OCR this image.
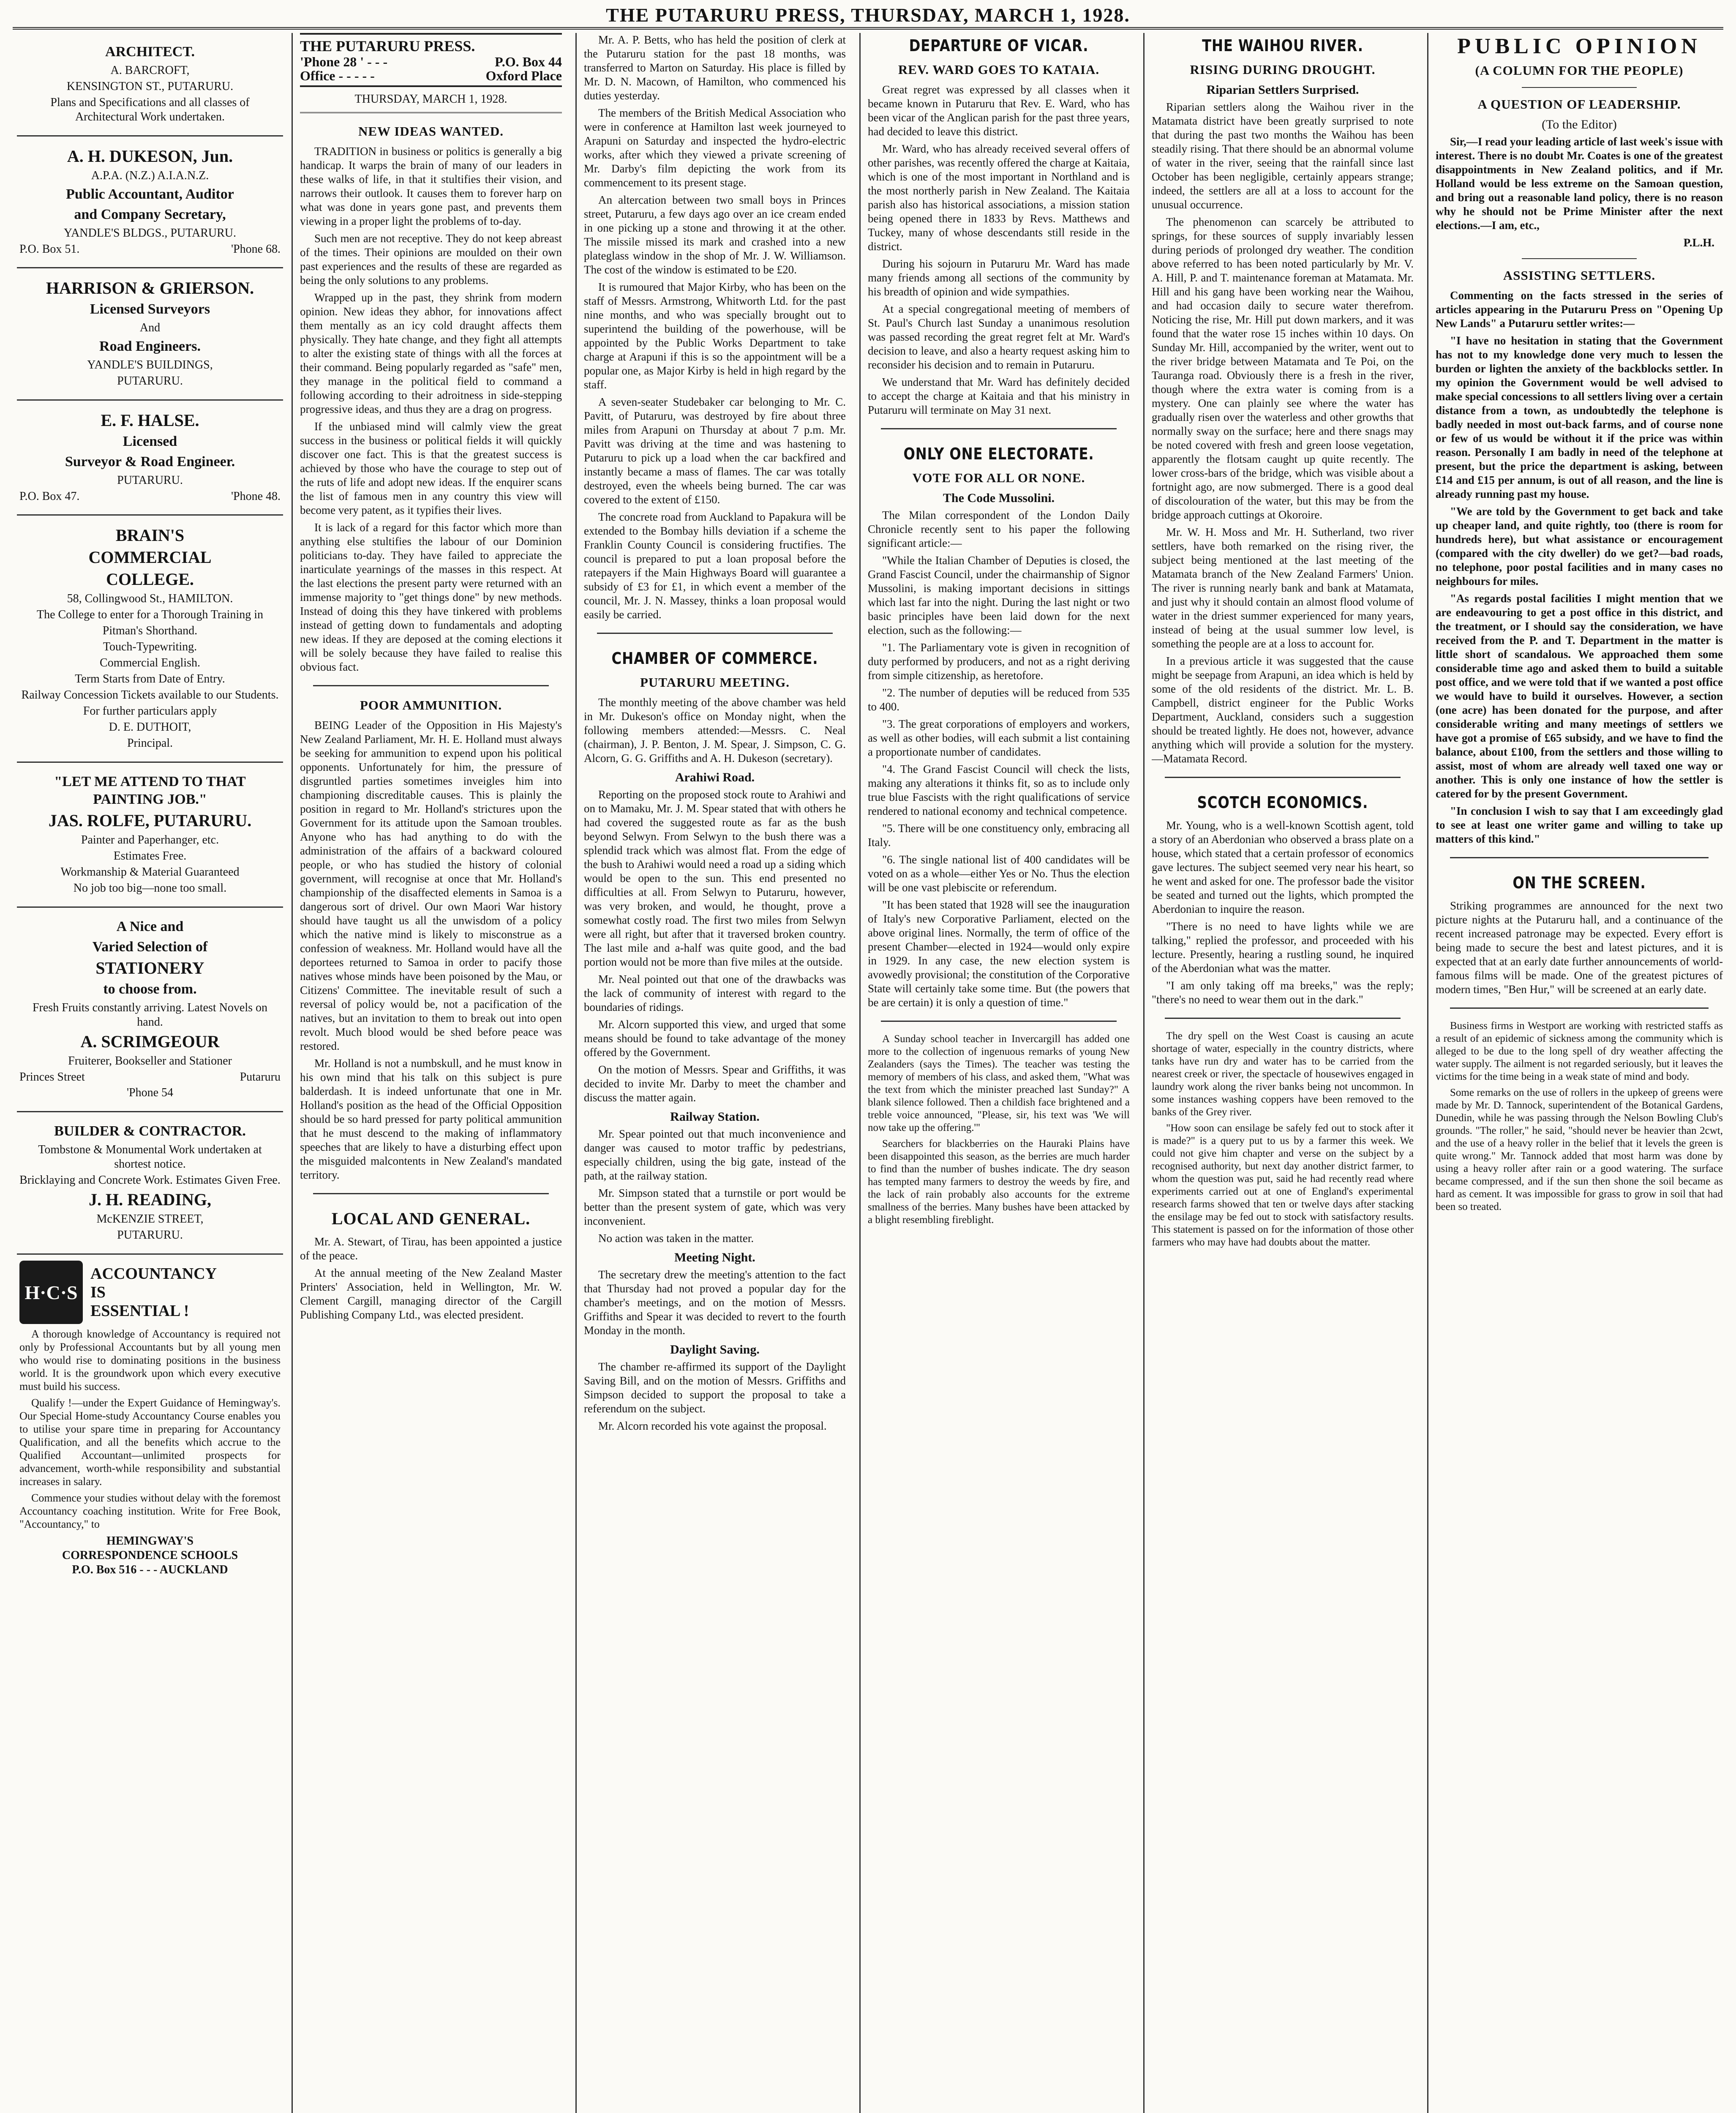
THE PUTARURU PRESS, THURSDAY, MARCH 1, 1928.
ARCHITECT.
A. BARCROFT,
KENSINGTON ST., PUTARURU.
Plans and Specifications and all classes of Architectural Work undertaken.
A. H. DUKESON, Jun.
A.P.A. (N.Z.) A.I.A.N.Z.
Public Accountant, Auditor
and Company Secretary,
YANDLE'S BLDGS., PUTARURU.
P.O. Box 51.	'Phone 68.
HARRISON & GRIERSON.
Licensed Surveyors
And
Road Engineers.
YANDLE'S BUILDINGS,
PUTARURU.
E. F. HALSE.
Licensed
Surveyor & Road Engineer.
PUTARURU.
P.O. Box 47.	'Phone 48.
BRAIN'S
COMMERCIAL
COLLEGE.
58, Collingwood St., HAMILTON.
The College to enter for a Thorough Training in
Pitman's Shorthand.
Touch-Typewriting.
Commercial English.
Term Starts from Date of Entry.
Railway Concession Tickets available to our Students.
For further particulars apply
D. E. DUTHOIT,
Principal.
"LET ME ATTEND TO THAT PAINTING JOB."
JAS. ROLFE, PUTARURU.
Painter and Paperhanger, etc.
Estimates Free.
Workmanship & Material Guaranteed
No job too big—none too small.
A Nice and
Varied Selection of
STATIONERY
to choose from.
Fresh Fruits constantly arriving. Latest Novels on hand.
A. SCRIMGEOUR
Fruiterer, Bookseller and Stationer
Princes Street	Putaruru
'Phone 54
BUILDER & CONTRACTOR.
Tombstone & Monumental Work undertaken at shortest notice.
Bricklaying and Concrete Work. Estimates Given Free.
J. H. READING,
McKENZIE STREET,
PUTARURU.
H·C·S
ACCOUNTANCY
IS
ESSENTIAL !

A thorough knowledge of Accountancy is required not only by Professional Accountants but by all young men who would rise to dominating positions in the business world. It is the groundwork upon which every executive must build his success.

Qualify !—under the Expert Guidance of Hemingway's. Our Special Home-study Accountancy Course enables you to utilise your spare time in preparing for Accountancy Qualification, and all the benefits which accrue to the Qualified Accountant—unlimited prospects for advancement, worth-while responsibility and substantial increases in salary.

Commence your studies without delay with the foremost Accountancy coaching institution. Write for Free Book, "Accountancy," to

HEMINGWAY'S
CORRESPONDENCE SCHOOLS
P.O. Box 516 - - - AUCKLAND
THE PUTARURU PRESS.
'Phone 28 ' - - -	P.O. Box 44
Office - - - - -	Oxford Place
THURSDAY, MARCH 1, 1928.
NEW IDEAS WANTED.

TRADITION in business or politics is generally a big handicap. It warps the brain of many of our leaders in these walks of life, in that it stultifies their vision, and narrows their outlook. It causes them to forever harp on what was done in years gone past, and prevents them viewing in a proper light the problems of to-day.

Such men are not receptive. They do not keep abreast of the times. Their opinions are moulded on their own past experiences and the results of these are regarded as being the only solutions to any problems.

Wrapped up in the past, they shrink from modern opinion. New ideas they abhor, for innovations affect them mentally as an icy cold draught affects them physically. They hate change, and they fight all attempts to alter the existing state of things with all the forces at their command. Being popularly regarded as "safe" men, they manage in the political field to command a following according to their adroitness in side-stepping progressive ideas, and thus they are a drag on progress.

If the unbiased mind will calmly view the great success in the business or political fields it will quickly discover one fact. This is that the greatest success is achieved by those who have the courage to step out of the ruts of life and adopt new ideas. If the enquirer scans the list of famous men in any country this view will become very patent, as it typifies their lives.

It is lack of a regard for this factor which more than anything else stultifies the labour of our Dominion politicians to-day. They have failed to appreciate the inarticulate yearnings of the masses in this respect. At the last elections the present party were returned with an immense majority to "get things done" by new methods. Instead of doing this they have tinkered with problems instead of getting down to fundamentals and adopting new ideas. If they are deposed at the coming elections it will be solely because they have failed to realise this obvious fact.

POOR AMMUNITION.

BEING Leader of the Opposition in His Majesty's New Zealand Parliament, Mr. H. E. Holland must always be seeking for ammunition to expend upon his political opponents. Unfortunately for him, the pressure of disgruntled parties sometimes inveigles him into championing discreditable causes. This is plainly the position in regard to Mr. Holland's strictures upon the Government for its attitude upon the Samoan troubles. Anyone who has had anything to do with the administration of the affairs of a backward coloured people, or who has studied the history of colonial government, will recognise at once that Mr. Holland's championship of the disaffected elements in Samoa is a dangerous sort of drivel. Our own Maori War history should have taught us all the unwisdom of a policy which the native mind is likely to misconstrue as a confession of weakness. Mr. Holland would have all the deportees returned to Samoa in order to pacify those natives whose minds have been poisoned by the Mau, or Citizens' Committee. The inevitable result of such a reversal of policy would be, not a pacification of the natives, but an invitation to them to break out into open revolt. Much blood would be shed before peace was restored.

Mr. Holland is not a numbskull, and he must know in his own mind that his talk on this subject is pure balderdash. It is indeed unfortunate that one in Mr. Holland's position as the head of the Official Opposition should be so hard pressed for party political ammunition that he must descend to the making of inflammatory speeches that are likely to have a disturbing effect upon the misguided malcontents in New Zealand's mandated territory.

LOCAL AND GENERAL.

Mr. A. Stewart, of Tirau, has been appointed a justice of the peace.

At the annual meeting of the New Zealand Master Printers' Association, held in Wellington, Mr. W. Clement Cargill, managing director of the Cargill Publishing Company Ltd., was elected president.

Mr. A. P. Betts, who has held the position of clerk at the Putaruru station for the past 18 months, was transferred to Marton on Saturday. His place is filled by Mr. D. N. Macown, of Hamilton, who commenced his duties yesterday.

The members of the British Medical Association who were in conference at Hamilton last week journeyed to Arapuni on Saturday and inspected the hydro-electric works, after which they viewed a private screening of Mr. Darby's film depicting the work from its commencement to its present stage.

An altercation between two small boys in Princes street, Putaruru, a few days ago over an ice cream ended in one picking up a stone and throwing it at the other. The missile missed its mark and crashed into a new plateglass window in the shop of Mr. J. W. Williamson. The cost of the window is estimated to be £20.

It is rumoured that Major Kirby, who has been on the staff of Messrs. Armstrong, Whitworth Ltd. for the past nine months, and who was specially brought out to superintend the building of the powerhouse, will be appointed by the Public Works Department to take charge at Arapuni if this is so the appointment will be a popular one, as Major Kirby is held in high regard by the staff.

A seven-seater Studebaker car belonging to Mr. C. Pavitt, of Putaruru, was destroyed by fire about three miles from Arapuni on Thursday at about 7 p.m. Mr. Pavitt was driving at the time and was hastening to Putaruru to pick up a load when the car backfired and instantly became a mass of flames. The car was totally destroyed, even the wheels being burned. The car was covered to the extent of £150.

The concrete road from Auckland to Papakura will be extended to the Bombay hills deviation if a scheme the Franklin County Council is considering fructifies. The council is prepared to put a loan proposal before the ratepayers if the Main Highways Board will guarantee a subsidy of £3 for £1, in which event a member of the council, Mr. J. N. Massey, thinks a loan proposal would easily be carried.

CHAMBER OF COMMERCE.
PUTARURU MEETING.

The monthly meeting of the above chamber was held in Mr. Dukeson's office on Monday night, when the following members attended:—Messrs. C. Neal (chairman), J. P. Benton, J. M. Spear, J. Simpson, C. G. Alcorn, G. G. Griffiths and A. H. Dukeson (secretary).

Arahiwi Road.

Reporting on the proposed stock route to Arahiwi and on to Mamaku, Mr. J. M. Spear stated that with others he had covered the suggested route as far as the bush beyond Selwyn. From Selwyn to the bush there was a splendid track which was almost flat. From the edge of the bush to Arahiwi would need a road up a siding which would be open to the sun. This end presented no difficulties at all. From Selwyn to Putaruru, however, was very broken, and would, he thought, prove a somewhat costly road. The first two miles from Selwyn were all right, but after that it traversed broken country. The last mile and a-half was quite good, and the bad portion would not be more than five miles at the outside.

Mr. Neal pointed out that one of the drawbacks was the lack of community of interest with regard to the boundaries of ridings.

Mr. Alcorn supported this view, and urged that some means should be found to take advantage of the money offered by the Government.

On the motion of Messrs. Spear and Griffiths, it was decided to invite Mr. Darby to meet the chamber and discuss the matter again.

Railway Station.

Mr. Spear pointed out that much inconvenience and danger was caused to motor traffic by pedestrians, especially children, using the big gate, instead of the path, at the railway station.

Mr. Simpson stated that a turnstile or port would be better than the present system of gate, which was very inconvenient.

No action was taken in the matter.

Meeting Night.

The secretary drew the meeting's attention to the fact that Thursday had not proved a popular day for the chamber's meetings, and on the motion of Messrs. Griffiths and Spear it was decided to revert to the fourth Monday in the month.

Daylight Saving.

The chamber re-affirmed its support of the Daylight Saving Bill, and on the motion of Messrs. Griffiths and Simpson decided to support the proposal to take a referendum on the subject.

Mr. Alcorn recorded his vote against the proposal.

DEPARTURE OF VICAR.
REV. WARD GOES TO KATAIA.

Great regret was expressed by all classes when it became known in Putaruru that Rev. E. Ward, who has been vicar of the Anglican parish for the past three years, had decided to leave this district.

Mr. Ward, who has already received several offers of other parishes, was recently offered the charge at Kaitaia, which is one of the most important in Northland and is the most northerly parish in New Zealand. The Kaitaia parish also has historical associations, a mission station being opened there in 1833 by Revs. Matthews and Tuckey, many of whose descendants still reside in the district.

During his sojourn in Putaruru Mr. Ward has made many friends among all sections of the community by his breadth of opinion and wide sympathies.

At a special congregational meeting of members of St. Paul's Church last Sunday a unanimous resolution was passed recording the great regret felt at Mr. Ward's decision to leave, and also a hearty request asking him to reconsider his decision and to remain in Putaruru.

We understand that Mr. Ward has definitely decided to accept the charge at Kaitaia and that his ministry in Putaruru will terminate on May 31 next.

ONLY ONE ELECTORATE.
VOTE FOR ALL OR NONE.
The Code Mussolini.

The Milan correspondent of the London Daily Chronicle recently sent to his paper the following significant article:—

"While the Italian Chamber of Deputies is closed, the Grand Fascist Council, under the chairmanship of Signor Mussolini, is making important decisions in sittings which last far into the night. During the last night or two basic principles have been laid down for the next election, such as the following:—

"1. The Parliamentary vote is given in recognition of duty performed by producers, and not as a right deriving from simple citizenship, as heretofore.

"2. The number of deputies will be reduced from 535 to 400.

"3. The great corporations of employers and workers, as well as other bodies, will each submit a list containing a proportionate number of candidates.

"4. The Grand Fascist Council will check the lists, making any alterations it thinks fit, so as to include only true blue Fascists with the right qualifications of service rendered to national economy and technical competence.

"5. There will be one constituency only, embracing all Italy.

"6. The single national list of 400 candidates will be voted on as a whole—either Yes or No. Thus the election will be one vast plebiscite or referendum.

"It has been stated that 1928 will see the inauguration of Italy's new Corporative Parliament, elected on the above original lines. Normally, the term of office of the present Chamber—elected in 1924—would only expire in 1929. In any case, the new election system is avowedly provisional; the constitution of the Corporative State will certainly take some time. But (the powers that be are certain) it is only a question of time."

A Sunday school teacher in Invercargill has added one more to the collection of ingenuous remarks of young New Zealanders (says the Times). The teacher was testing the memory of members of his class, and asked them, "What was the text from which the minister preached last Sunday?" A blank silence followed. Then a childish face brightened and a treble voice announced, "Please, sir, his text was 'We will now take up the offering.'"

Searchers for blackberries on the Hauraki Plains have been disappointed this season, as the berries are much harder to find than the number of bushes indicate. The dry season has tempted many farmers to destroy the weeds by fire, and the lack of rain probably also accounts for the extreme smallness of the berries. Many bushes have been attacked by a blight resembling fireblight.

THE WAIHOU RIVER.
RISING DURING DROUGHT.
Riparian Settlers Surprised.

Riparian settlers along the Waihou river in the Matamata district have been greatly surprised to note that during the past two months the Waihou has been steadily rising. That there should be an abnormal volume of water in the river, seeing that the rainfall since last October has been negligible, certainly appears strange; indeed, the settlers are all at a loss to account for the unusual occurrence.

The phenomenon can scarcely be attributed to springs, for these sources of supply invariably lessen during periods of prolonged dry weather. The condition above referred to has been noted particularly by Mr. V. A. Hill, P. and T. maintenance foreman at Matamata. Mr. Hill and his gang have been working near the Waihou, and had occasion daily to secure water therefrom. Noticing the rise, Mr. Hill put down markers, and it was found that the water rose 15 inches within 10 days. On Sunday Mr. Hill, accompanied by the writer, went out to the river bridge between Matamata and Te Poi, on the Tauranga road. Obviously there is a fresh in the river, though where the extra water is coming from is a mystery. One can plainly see where the water has gradually risen over the waterless and other growths that normally sway on the surface; here and there snags may be noted covered with fresh and green loose vegetation, apparently the flotsam caught up quite recently. The lower cross-bars of the bridge, which was visible about a fortnight ago, are now submerged. There is a good deal of discolouration of the water, but this may be from the bridge approach cuttings at Okoroire.

Mr. W. H. Moss and Mr. H. Sutherland, two river settlers, have both remarked on the rising river, the subject being mentioned at the last meeting of the Matamata branch of the New Zealand Farmers' Union. The river is running nearly bank and bank at Matamata, and just why it should contain an almost flood volume of water in the driest summer experienced for many years, instead of being at the usual summer low level, is something the people are at a loss to account for.

In a previous article it was suggested that the cause might be seepage from Arapuni, an idea which is held by some of the old residents of the district. Mr. L. B. Campbell, district engineer for the Public Works Department, Auckland, considers such a suggestion should be treated lightly. He does not, however, advance anything which will provide a solution for the mystery.—Matamata Record.

SCOTCH ECONOMICS.

Mr. Young, who is a well-known Scottish agent, told a story of an Aberdonian who observed a brass plate on a house, which stated that a certain professor of economics gave lectures. The subject seemed very near his heart, so he went and asked for one. The professor bade the visitor be seated and turned out the lights, which prompted the Aberdonian to inquire the reason.

"There is no need to have lights while we are talking," replied the professor, and proceeded with his lecture. Presently, hearing a rustling sound, he inquired of the Aberdonian what was the matter.

"I am only taking off ma breeks," was the reply; "there's no need to wear them out in the dark."

The dry spell on the West Coast is causing an acute shortage of water, especially in the country districts, where tanks have run dry and water has to be carried from the nearest creek or river, the spectacle of housewives engaged in laundry work along the river banks being not uncommon. In some instances washing coppers have been removed to the banks of the Grey river.

"How soon can ensilage be safely fed out to stock after it is made?" is a query put to us by a farmer this week. We could not give him chapter and verse on the subject by a recognised authority, but next day another district farmer, to whom the question was put, said he had recently read where experiments carried out at one of England's experimental research farms showed that ten or twelve days after stacking the ensilage may be fed out to stock with satisfactory results. This statement is passed on for the information of those other farmers who may have had doubts about the matter.

PUBLIC OPINION
(A COLUMN FOR THE PEOPLE)
A QUESTION OF LEADERSHIP.
(To the Editor)

Sir,—I read your leading article of last week's issue with interest. There is no doubt Mr. Coates is one of the greatest disappointments in New Zealand politics, and if Mr. Holland would be less extreme on the Samoan question, and bring out a reasonable land policy, there is no reason why he should not be Prime Minister after the next elections.—I am, etc.,

P.L.H.
ASSISTING SETTLERS.

Commenting on the facts stressed in the series of articles appearing in the Putaruru Press on "Opening Up New Lands" a Putaruru settler writes:—

"I have no hesitation in stating that the Government has not to my knowledge done very much to lessen the burden or lighten the anxiety of the backblocks settler. In my opinion the Government would be well advised to make special concessions to all settlers living over a certain distance from a town, as undoubtedly the telephone is badly needed in most out-back farms, and of course none or few of us would be without it if the price was within reason. Personally I am badly in need of the telephone at present, but the price the department is asking, between £14 and £15 per annum, is out of all reason, and the line is already running past my house.

"We are told by the Government to get back and take up cheaper land, and quite rightly, too (there is room for hundreds here), but what assistance or encouragement (compared with the city dweller) do we get?—bad roads, no telephone, poor postal facilities and in many cases no neighbours for miles.

"As regards postal facilities I might mention that we are endeavouring to get a post office in this district, and the treatment, or I should say the consideration, we have received from the P. and T. Department in the matter is little short of scandalous. We approached them some considerable time ago and asked them to build a suitable post office, and we were told that if we wanted a post office we would have to build it ourselves. However, a section (one acre) has been donated for the purpose, and after considerable writing and many meetings of settlers we have got a promise of £65 subsidy, and we have to find the balance, about £100, from the settlers and those willing to assist, most of whom are already well taxed one way or another. This is only one instance of how the settler is catered for by the present Government.

"In conclusion I wish to say that I am exceedingly glad to see at least one writer game and willing to take up matters of this kind."

ON THE SCREEN.

Striking programmes are announced for the next two picture nights at the Putaruru hall, and a continuance of the recent increased patronage may be expected. Every effort is being made to secure the best and latest pictures, and it is expected that at an early date further announcements of world-famous films will be made. One of the greatest pictures of modern times, "Ben Hur," will be screened at an early date.

Business firms in Westport are working with restricted staffs as a result of an epidemic of sickness among the community which is alleged to be due to the long spell of dry weather affecting the water supply. The ailment is not regarded seriously, but it leaves the victims for the time being in a weak state of mind and body.

Some remarks on the use of rollers in the upkeep of greens were made by Mr. D. Tannock, superintendent of the Botanical Gardens, Dunedin, while he was passing through the Nelson Bowling Club's grounds. "The roller," he said, "should never be heavier than 2cwt, and the use of a heavy roller in the belief that it levels the green is quite wrong." Mr. Tannock added that most harm was done by using a heavy roller after rain or a good watering. The surface became compressed, and if the sun then shone the soil became as hard as cement. It was impossible for grass to grow in soil that had been so treated.
